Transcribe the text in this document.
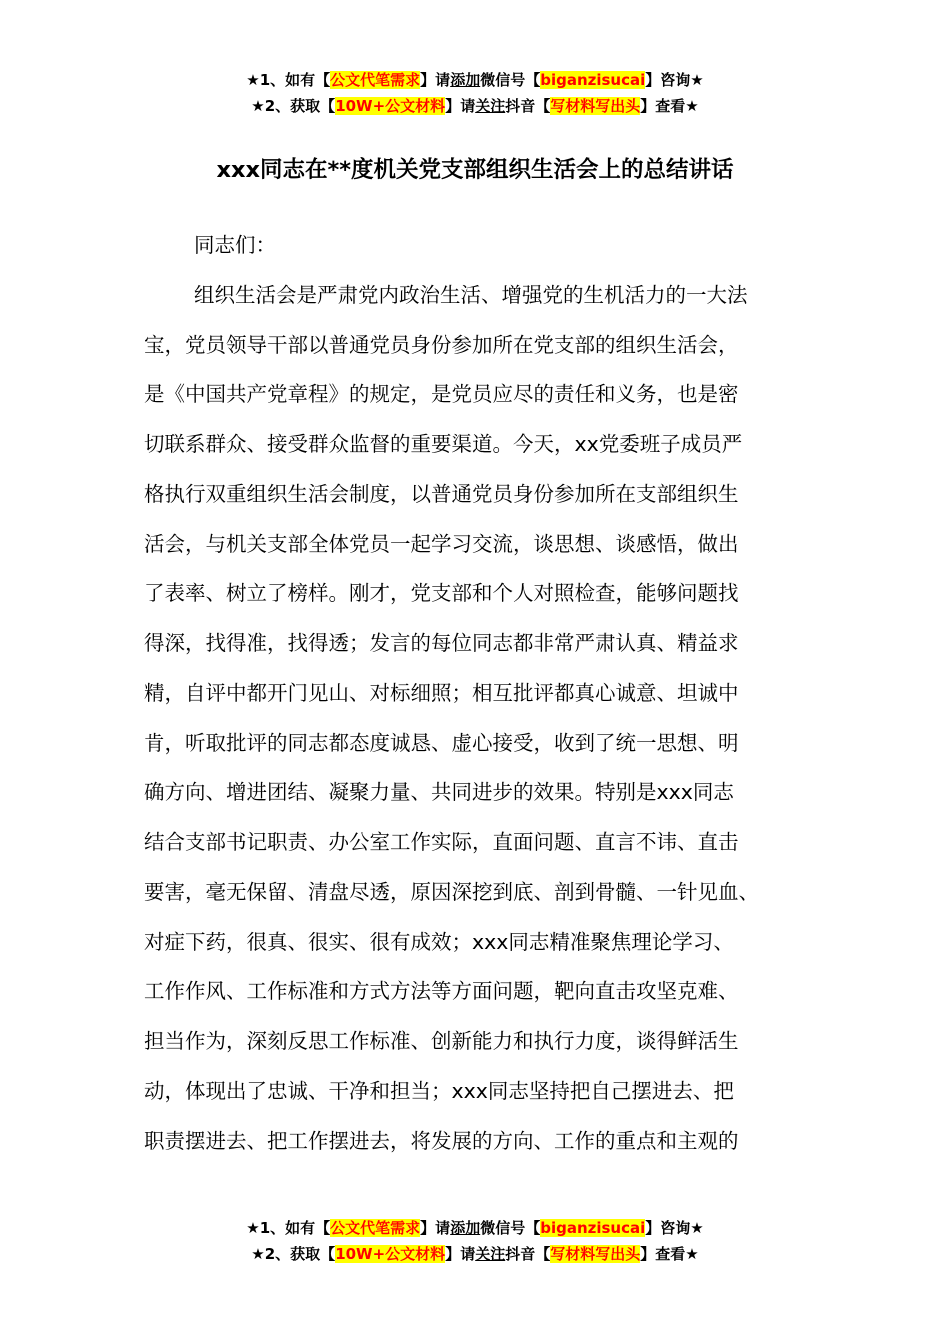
★1、如有【公文代笔需求】请添加微信号【biganzisucai】咨询★
★2、获取【10W+公文材料】请关注抖音【写材料写出头】查看★
xxx同志在**度机关党支部组织生活会上的总结讲话

同志们：

组织生活会是严肃党内政治生活、增强党的生机活力的一大法
宝，党员领导干部以普通党员身份参加所在党支部的组织生活会，
是《中国共产党章程》的规定，是党员应尽的责任和义务，也是密
切联系群众、接受群众监督的重要渠道。今天，xx党委班子成员严
格执行双重组织生活会制度，以普通党员身份参加所在支部组织生
活会，与机关支部全体党员一起学习交流，谈思想、谈感悟，做出
了表率、树立了榜样。刚才，党支部和个人对照检查，能够问题找
得深，找得准，找得透；发言的每位同志都非常严肃认真、精益求
精，自评中都开门见山、对标细照；相互批评都真心诚意、坦诚中
肯，听取批评的同志都态度诚恳、虚心接受，收到了统一思想、明
确方向、增进团结、凝聚力量、共同进步的效果。特别是xxx同志
结合支部书记职责、办公室工作实际，直面问题、直言不讳、直击
要害，毫无保留、清盘尽透，原因深挖到底、剖到骨髓、一针见血、
对症下药，很真、很实、很有成效；xxx同志精准聚焦理论学习、
工作作风、工作标准和方式方法等方面问题，靶向直击攻坚克难、
担当作为，深刻反思工作标准、创新能力和执行力度，谈得鲜活生
动，体现出了忠诚、干净和担当；xxx同志坚持把自己摆进去、把
职责摆进去、把工作摆进去，将发展的方向、工作的重点和主观的
★1、如有【公文代笔需求】请添加微信号【biganzisucai】咨询★
★2、获取【10W+公文材料】请关注抖音【写材料写出头】查看★
